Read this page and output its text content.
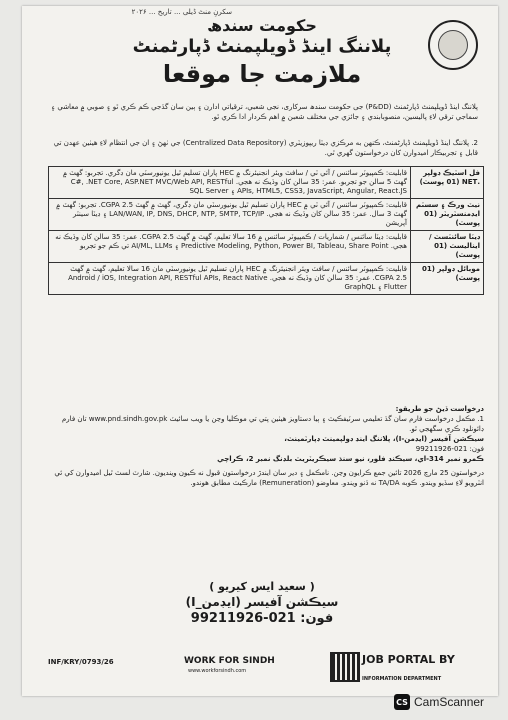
سکرنِ منٹ ڈیلی ... تاریخ ... ۲۰۲۶
حکومت سندھ
پلاننگ اینڈ ڈویلپمنٹ ڈپارٹمنٹ
ملازمت جا موقعا
پلاننگ اینڈ ڈویلپمنٹ ڈپارٹمنٹ (P&DD) جی حکومت سندھ سرکاری، نجی شعبي، ترقياتي ادارن ۽ ٻين سان گڏجي ڪم ڪري ٿو ۽ صوبي ۾ معاشي ۽ سماجي ترقي لاءِ پاليسين، منصوبابندي ۽ جائزي جي مختلف شعبن ۾ اهم ڪردار ادا ڪري ٿو.
2. پلاننگ اینڈ ڈویلپمنٹ ڈپارٹمنٹ، ڪنهن به مرڪزي ڊيٽا ريپوزيٽري (Centralized Data Repository) جي ٺهڻ ۽ ان جي انتظام لاءِ هيٺين عهدن تي قابل ۽ تجربيڪار اميدوارن کان درخواستون گهري ٿي.
قابليت: ڪمپيوٽر سائنس / آئي ٽي / سافٽ ويئر انجنيئرنگ ۾ HEC پاران تسليم ٿيل يونيورسٽي مان ڊگري. تجربو: گهٽ ۾ گهٽ 5 سالن جو تجربو. عمر: 35 سالن کان وڌيڪ نه هجي. C#, .NET Core, ASP.NET MVC/Web API, RESTful APIs, HTML5, CSS3, JavaScript, Angular, React.JS ۽ SQL Server	فل اسٽيڪ ڊولپر .NET (01 پوسٽ)
قابليت: ڪمپيوٽر سائنس / آئي ٽي ۾ HEC پاران تسليم ٿيل يونيورسٽي مان ڊگري، گهٽ ۾ گهٽ CGPA 2.5. تجربو: گهٽ ۾ گهٽ 3 سال. عمر: 35 سالن کان وڌيڪ نه هجي. LAN/WAN, IP, DNS, DHCP, NTP, SMTP, TCP/IP ۽ ڊيٽا سينٽر آپريشن	نيٽ ورڪ ۽ سسٽم ايڊمنسٽريٽر (01 پوسٽ)
قابليت: ڊيٽا سائنس / شماريات / ڪمپيوٽر سائنس ۾ 16 سالا تعليم، گهٽ ۾ گهٽ CGPA 2.5. عمر: 35 سالن کان وڌيڪ نه هجي. Predictive Modeling, Python, Power BI, Tableau, Share Point ۽ AI/ML, LLMs تي ڪم جو تجربو	ڊيٽا سائنٽسٽ / ايناليسٽ (01 پوسٽ)
قابليت: ڪمپيوٽر سائنس / سافٽ ويئر انجنيئرنگ ۾ HEC پاران تسليم ٿيل يونيورسٽي مان 16 سالا تعليم، گهٽ ۾ گهٽ CGPA 2.5. عمر: 35 سالن کان وڌيڪ نه هجي. Android / iOS, Integration API, RESTful APIs, React Native Flutter ۽ GraphQL	موبائل ڊولپر (01 پوسٽ)
درخواست ڏيڻ جو طريقو:
1. مڪمل درخواست فارم سان گڏ تعليمي سرٽيفڪيٽ ۽ ٻيا دستاويز هيٺين پتي تي موڪليا وڃن يا ويب سائيٽ www.pnd.sindh.gov.pk تان فارم ڊائونلوڊ ڪري سگهجي ٿو.
سيڪشن آفيسر (ايڊمن-I)، پلاننگ اينڊ ڊولپمينٽ ڊپارٽمينٽ،
فون: 021-99211926
ڪمرو نمبر 314-اي، سيڪنڊ فلور، نيو سنڌ سيڪريٽريٽ بلڊنگ نمبر 2، ڪراچي
درخواستون 25 مارچ 2026 تائين جمع ڪرايون وڃن. نامڪمل ۽ دير سان ايندڙ درخواستون قبول نه ڪيون وينديون. شارٽ لسٽ ٿيل اميدوارن کي ئي انٽرويو لاءِ سڏيو ويندو. ڪوبه TA/DA نه ڏنو ويندو. معاوضو (Remuneration) مارڪيٽ مطابق هوندو.
( سعيد ايس کيريو )
سيڪشن آفيسر (ايڊمن_I)
فون: 021-99211926
INF/KRY/0793/26	WORK FOR SINDH
www.workforsindh.com
JOB PORTAL BY
INFORMATION DEPARTMENT
CS CamScanner
